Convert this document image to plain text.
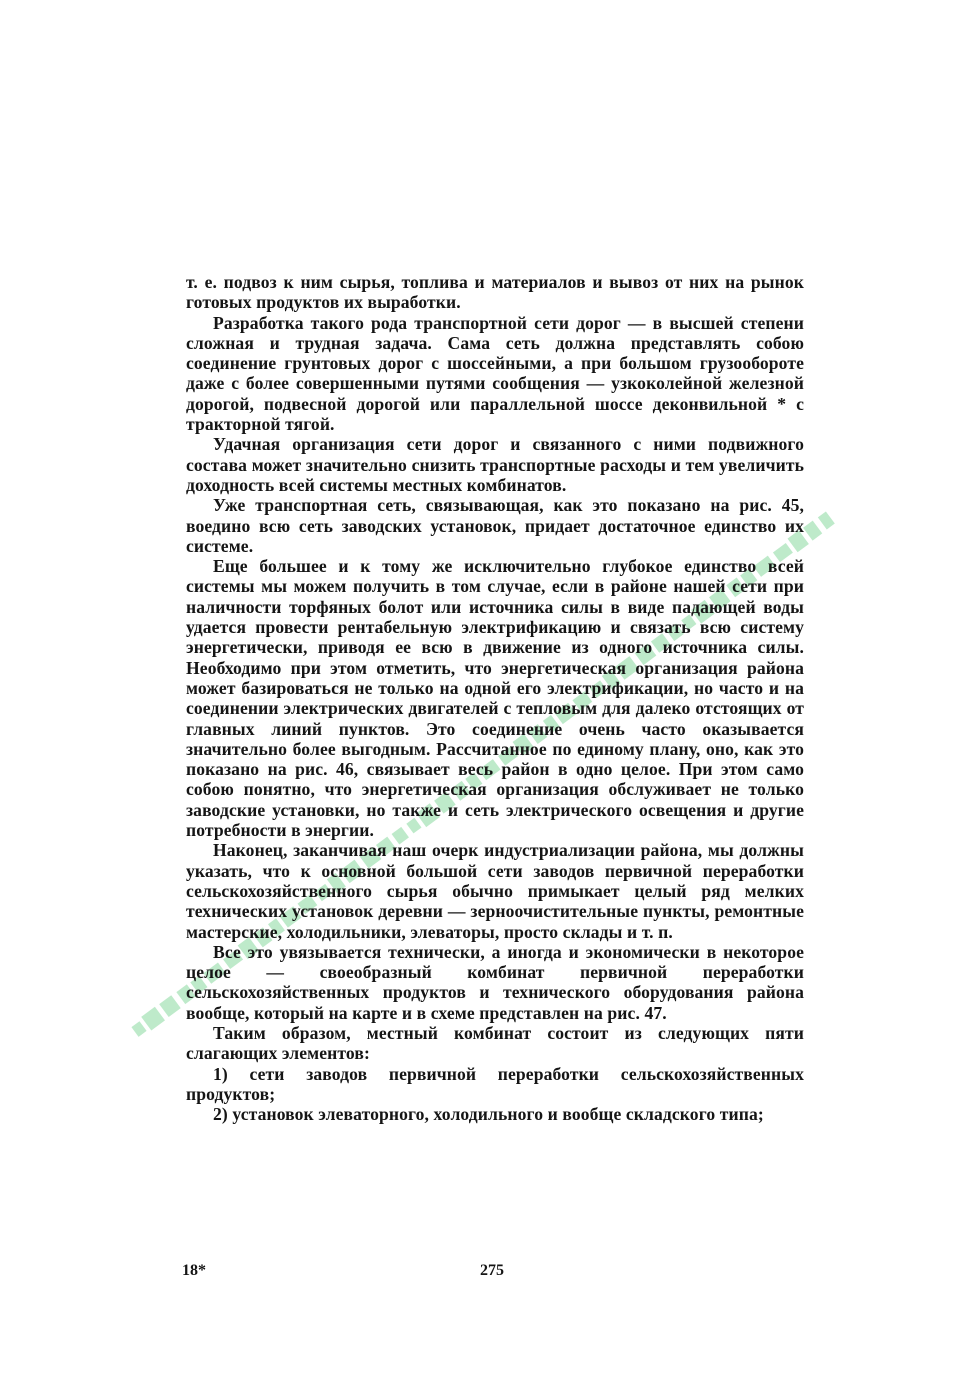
т. е. подвоз к ним сырья, топлива и материалов и вывоз от них на рынок готовых продуктов их выработки.

Разработка такого рода транспортной сети дорог — в высшей степени сложная и трудная задача. Сама сеть должна представлять собою соединение грунтовых дорог с шоссейными, а при большом грузообороте даже с более совершенными путями сообщения — узкоколейной железной дорогой, подвесной дорогой или параллельной шоссе деконвильной * с тракторной тягой.

Удачная организация сети дорог и связанного с ними подвижного состава может значительно снизить транспортные расходы и тем увеличить доходность всей системы местных комбинатов.

Уже транспортная сеть, связывающая, как это показано на рис. 45, воедино всю сеть заводских установок, придает достаточное единство их системе.

Еще большее и к тому же исключительно глубокое единство всей системы мы можем получить в том случае, если в районе нашей сети при наличности торфяных болот или источника силы в виде падающей воды удается провести рентабельную электрификацию и связать всю систему энергетически, приводя ее всю в движение из одного источника силы. Необходимо при этом отметить, что энергетическая организация района может базироваться не только на одной его электрификации, но часто и на соединении электрических двигателей с тепловым для далеко отстоящих от главных линий пунктов. Это соединение очень часто оказывается значительно более выгодным. Рассчитанное по единому плану, оно, как это показано на рис. 46, связывает весь район в одно целое. При этом само собою понятно, что энергетическая организация обслуживает не только заводские установки, но также и сеть электрического освещения и другие потребности в энергии.

Наконец, заканчивая наш очерк индустриализации района, мы должны указать, что к основной большой сети заводов первичной переработки сельскохозяйственного сырья обычно примыкает целый ряд мелких технических установок деревни — зерноочистительные пункты, ремонтные мастерские, холодильники, элеваторы, просто склады и т. п.

Все это увязывается технически, а иногда и экономически в некоторое целое — своеобразный комбинат первичной переработки сельскохозяйственных продуктов и технического оборудования района вообще, который на карте и в схеме представлен на рис. 47.

Таким образом, местный комбинат состоит из следующих пяти слагающих элементов:

1) сети заводов первичной переработки сельскохозяйственных продуктов;

2) установок элеваторного, холодильного и вообще складского типа;

18*	275
